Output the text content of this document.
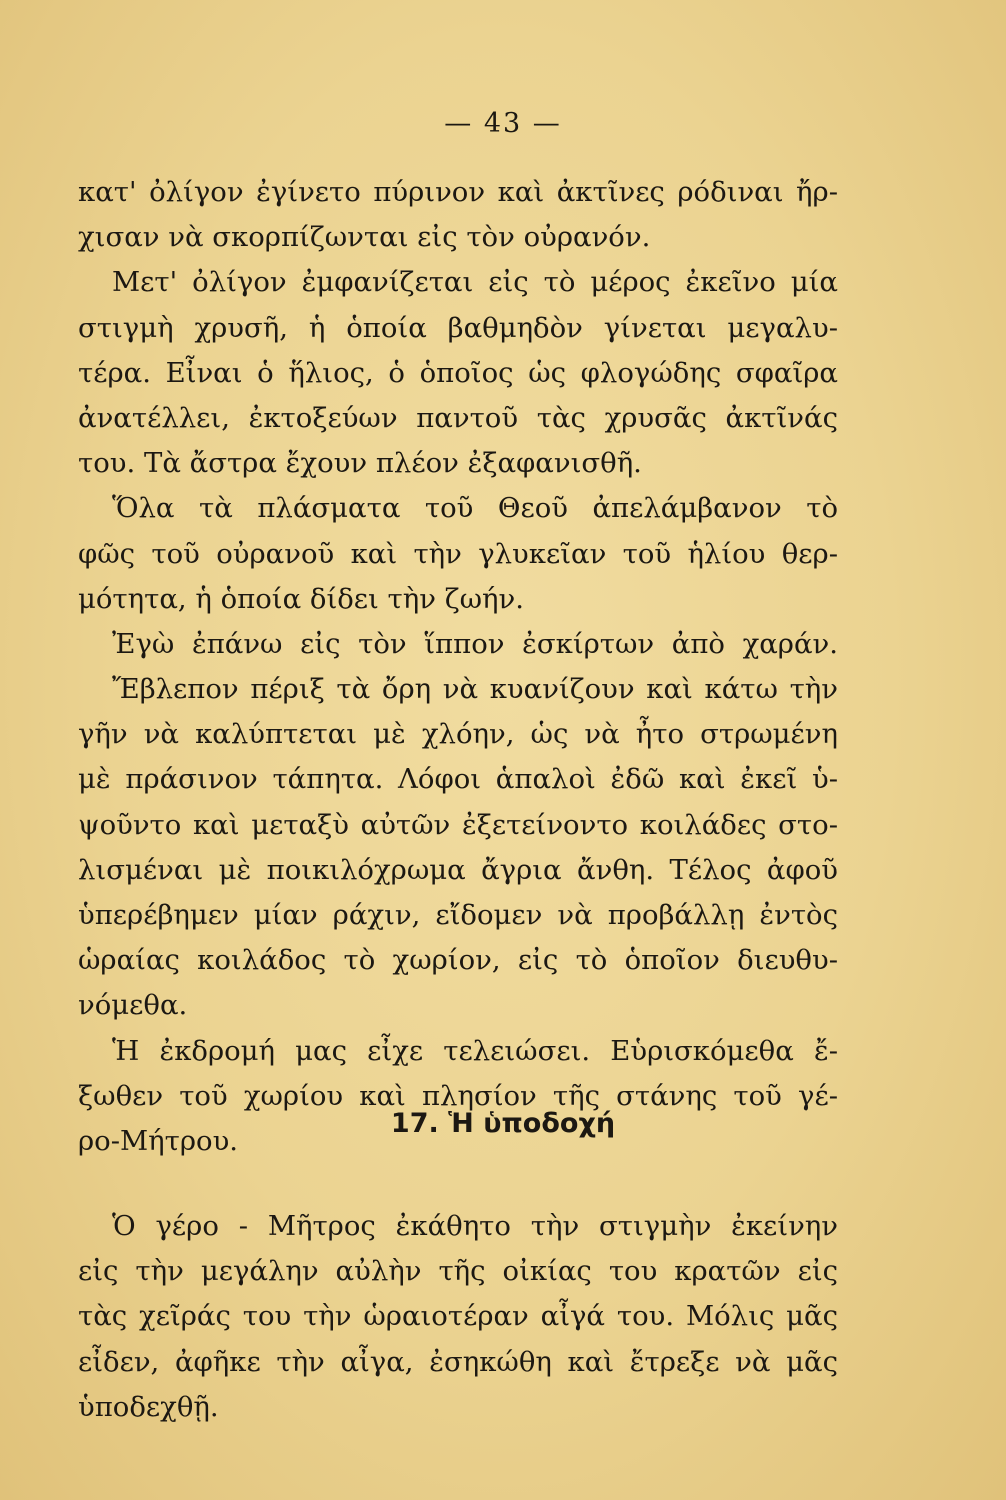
— 43 —
κατ' ὀλίγον ἐγίνετο πύρινον καὶ ἀκτῖνες ρόδιναι ἤρ-
χισαν νὰ σκορπίζωνται εἰς τὸν οὐρανόν.
Μετ' ὀλίγον ἐμφανίζεται εἰς τὸ μέρος ἐκεῖνο μία
στιγμὴ χρυσῆ, ἡ ὁποία βαθμηδὸν γίνεται μεγαλυ-
τέρα. Εἶναι ὁ ἥλιος, ὁ ὁποῖος ὡς φλογώδης σφαῖρα
ἀνατέλλει, ἐκτοξεύων παντοῦ τὰς χρυσᾶς ἀκτῖνάς
του. Τὰ ἄστρα ἔχουν πλέον ἐξαφανισθῆ.
Ὅλα τὰ πλάσματα τοῦ Θεοῦ ἀπελάμβανον τὸ
φῶς τοῦ οὐρανοῦ καὶ τὴν γλυκεῖαν τοῦ ἡλίου θερ-
μότητα, ἡ ὁποία δίδει τὴν ζωήν.
Ἐγὼ ἐπάνω εἰς τὸν ἵππον ἐσκίρτων ἀπὸ χαράν.
Ἔβλεπον πέριξ τὰ ὄρη νὰ κυανίζουν καὶ κάτω τὴν
γῆν νὰ καλύπτεται μὲ χλόην, ὡς νὰ ἦτο στρωμένη
μὲ πράσινον τάπητα. Λόφοι ἁπαλοὶ ἐδῶ καὶ ἐκεῖ ὑ-
ψοῦντο καὶ μεταξὺ αὐτῶν ἐξετείνοντο κοιλάδες στο-
λισμέναι μὲ ποικιλόχρωμα ἄγρια ἄνθη. Τέλος ἀφοῦ
ὑπερέβημεν μίαν ράχιν, εἴδομεν νὰ προβάλλῃ ἐντὸς
ὡραίας κοιλάδος τὸ χωρίον, εἰς τὸ ὁποῖον διευθυ-
νόμεθα.
Ἡ ἐκδρομή μας εἶχε τελειώσει. Εὑρισκόμεθα ἔ-
ξωθεν τοῦ χωρίου καὶ πλησίον τῆς στάνης τοῦ γέ-
ρο-Μήτρου.
17. Ἡ ὑποδοχή
Ὁ γέρο - Μῆτρος ἐκάθητο τὴν στιγμὴν ἐκείνην
εἰς τὴν μεγάλην αὐλὴν τῆς οἰκίας του κρατῶν εἰς
τὰς χεῖράς του τὴν ὡραιοτέραν αἶγά του. Μόλις μᾶς
εἶδεν, ἀφῆκε τὴν αἶγα, ἐσηκώθη καὶ ἔτρεξε νὰ μᾶς
ὑποδεχθῇ.
